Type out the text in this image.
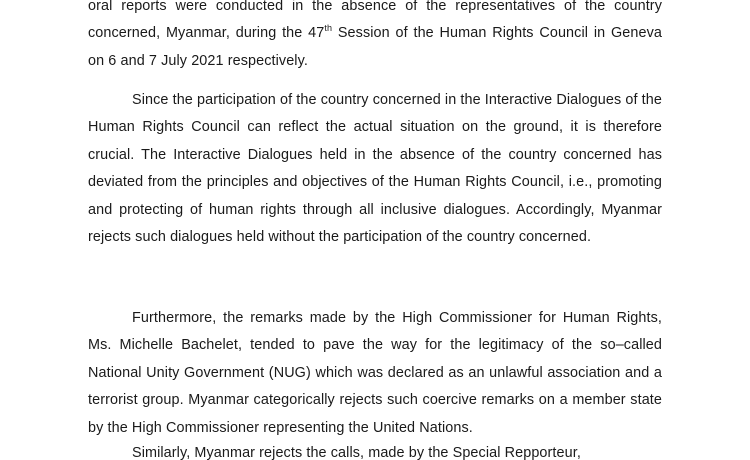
oral reports were conducted in the absence of the representatives of the country concerned, Myanmar, during the 47th Session of the Human Rights Council in Geneva on 6 and 7 July 2021 respectively.

Since the participation of the country concerned in the Interactive Dialogues of the Human Rights Council can reflect the actual situation on the ground, it is therefore crucial. The Interactive Dialogues held in the absence of the country concerned has deviated from the principles and objectives of the Human Rights Council, i.e., promoting and protecting of human rights through all inclusive dialogues. Accordingly, Myanmar rejects such dialogues held without the participation of the country concerned.

Furthermore, the remarks made by the High Commissioner for Human Rights, Ms. Michelle Bachelet, tended to pave the way for the legitimacy of the so–called National Unity Government (NUG) which was declared as an unlawful association and a terrorist group. Myanmar categorically rejects such coercive remarks on a member state by the High Commissioner representing the United Nations.

Similarly, Myanmar rejects the calls, made by the Special Repporteur,
